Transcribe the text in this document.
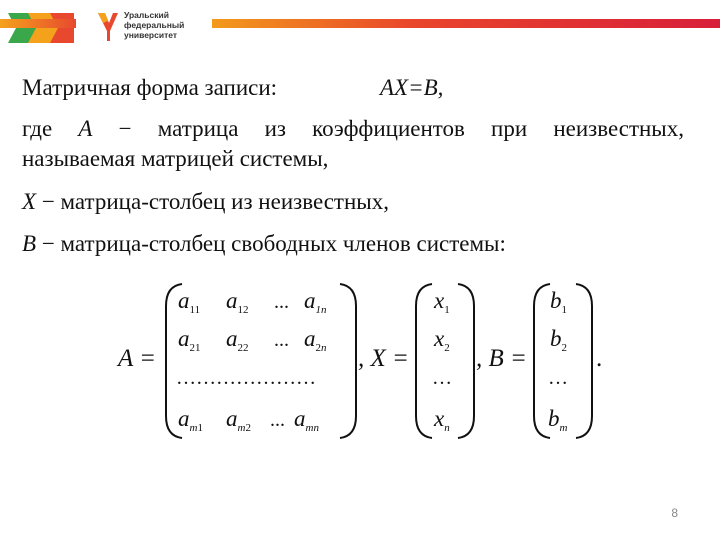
Уральский
федеральный
университет
Матричная форма записи:	AX=B,
где A − матрица из коэффициентов при неизвестных,
называемая матрицей системы,
X − матрица-столбец из неизвестных,
B − матрица-столбец свободных членов системы:
A =
$a_{11}$ $a_{12}$ ... $a_{1n}$
$a_{21}$ $a_{22}$ ... $a_2n$
…………………
$a_m1$ $a_m2$ ... $a_{mn}$
, X =
$x_1$
$x_2$
…
$x_n$
, B =
$b_1$
$b_2$
…
$b_m$
.
8
